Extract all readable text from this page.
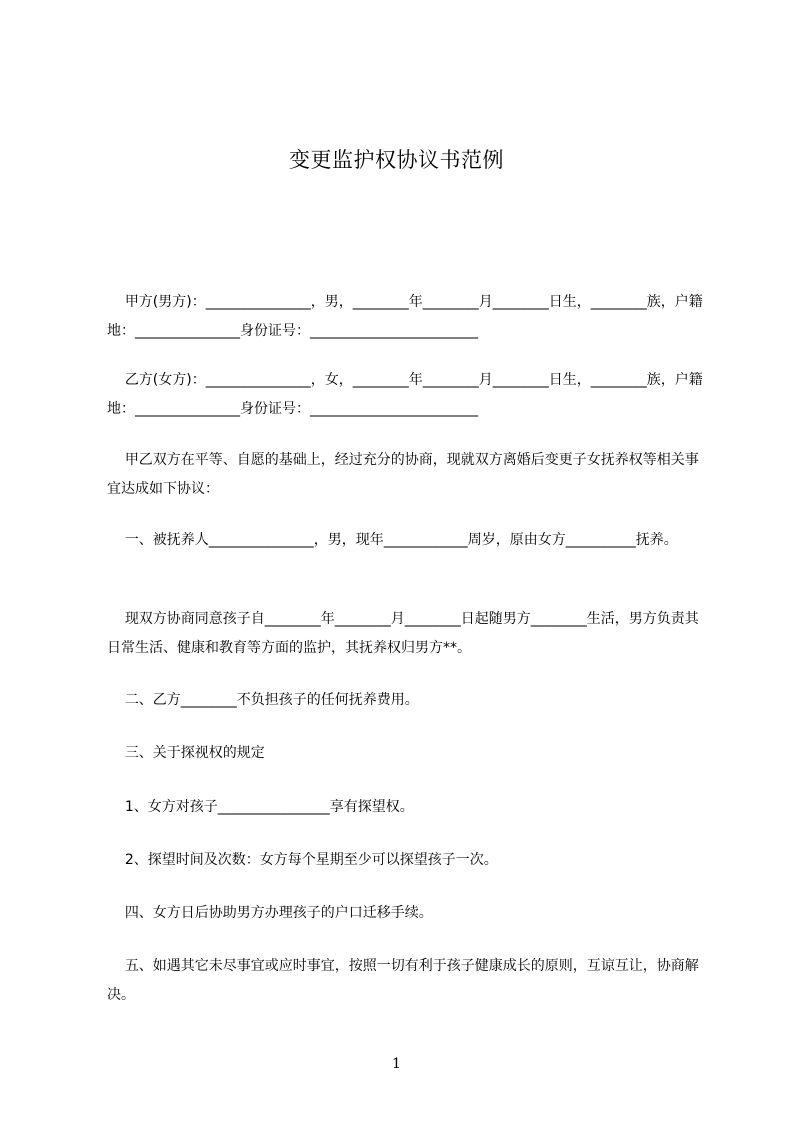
变更监护权协议书范例

甲方(男方)：_______________，男，________年________月________日生，________族，户籍地：_______________身份证号：________________________

乙方(女方)：_______________，女，________年________月________日生，________族，户籍地：_______________身份证号：________________________

甲乙双方在平等、自愿的基础上，经过充分的协商，现就双方离婚后变更子女抚养权等相关事宜达成如下协议：

一、被抚养人_______________，男，现年____________周岁，原由女方__________抚养。

现双方协商同意孩子自________年________月________日起随男方________生活，男方负责其日常生活、健康和教育等方面的监护，其抚养权归男方**。

二、乙方________不负担孩子的任何抚养费用。

三、关于探视权的规定

1、女方对孩子________________享有探望权。

2、探望时间及次数：女方每个星期至少可以探望孩子一次。

四、女方日后协助男方办理孩子的户口迁移手续。

五、如遇其它未尽事宜或应时事宜，按照一切有利于孩子健康成长的原则，互谅互让，协商解决。

1
